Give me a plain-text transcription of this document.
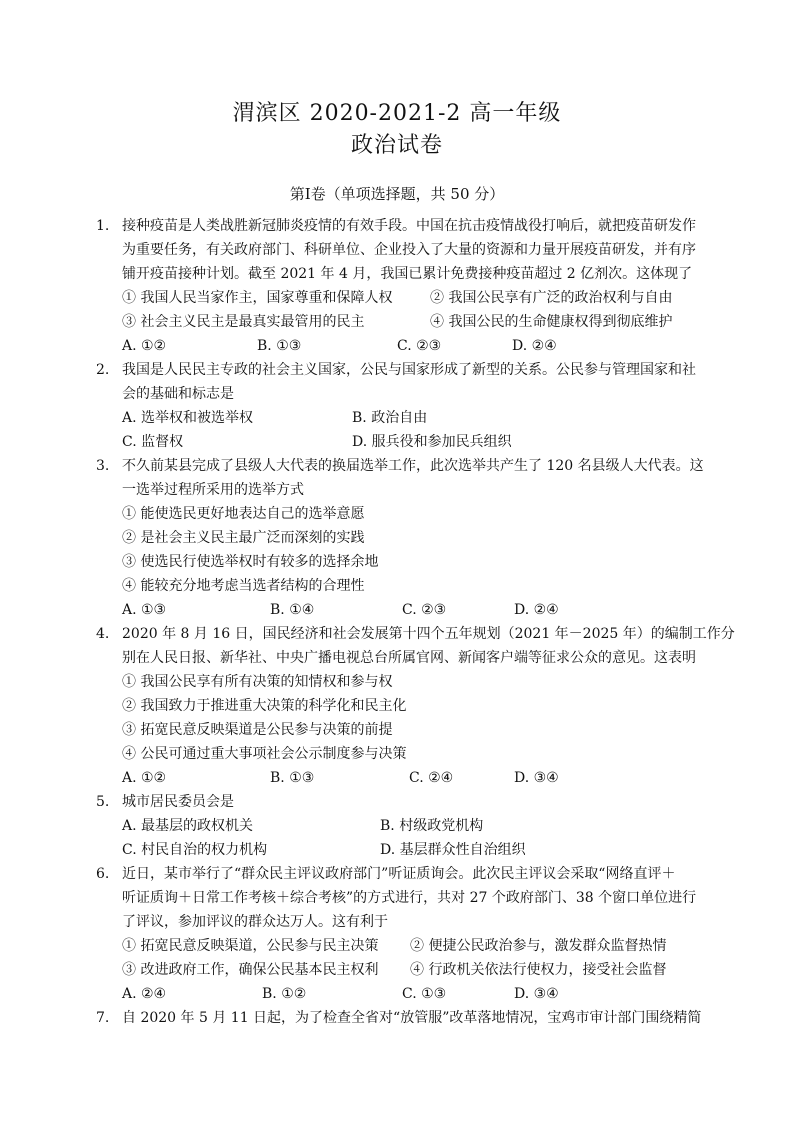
渭滨区 2020-2021-2 高一年级
政治试卷
第Ⅰ卷（单项选择题，共 50 分）
1. 接种疫苗是人类战胜新冠肺炎疫情的有效手段。中国在抗击疫情战役打响后，就把疫苗研发作
为重要任务，有关政府部门、科研单位、企业投入了大量的资源和力量开展疫苗研发，并有序
铺开疫苗接种计划。截至 2021 年 4 月，我国已累计免费接种疫苗超过 2 亿剂次。这体现了
① 我国人民当家作主，国家尊重和保障人权	② 我国公民享有广泛的政治权利与自由
③ 社会主义民主是最真实最管用的民主	④ 我国公民的生命健康权得到彻底维护
A. ①②	B. ①③	C. ②③	D. ②④
2. 我国是人民民主专政的社会主义国家，公民与国家形成了新型的关系。公民参与管理国家和社
会的基础和标志是
A. 选举权和被选举权	B. 政治自由
C. 监督权	D. 服兵役和参加民兵组织
3. 不久前某县完成了县级人大代表的换届选举工作，此次选举共产生了 120 名县级人大代表。这
一选举过程所采用的选举方式
① 能使选民更好地表达自己的选举意愿
② 是社会主义民主最广泛而深刻的实践
③ 使选民行使选举权时有较多的选择余地
④ 能较充分地考虑当选者结构的合理性
A. ①③	B. ①④	C. ②③	D. ②④
4. 2020 年 8 月 16 日，国民经济和社会发展第十四个五年规划（2021 年－2025 年）的编制工作分
别在人民日报、新华社、中央广播电视总台所属官网、新闻客户端等征求公众的意见。这表明
① 我国公民享有所有决策的知情权和参与权
② 我国致力于推进重大决策的科学化和民主化
③ 拓宽民意反映渠道是公民参与决策的前提
④ 公民可通过重大事项社会公示制度参与决策
A. ①②	B. ①③	C. ②④	D. ③④
5. 城市居民委员会是
A. 最基层的政权机关	B. 村级政党机构
C. 村民自治的权力机构	D. 基层群众性自治组织
6. 近日，某市举行了“群众民主评议政府部门”听证质询会。此次民主评议会采取“网络直评＋
听证质询＋日常工作考核＋综合考核”的方式进行，共对 27 个政府部门、38 个窗口单位进行
了评议，参加评议的群众达万人。这有利于
① 拓宽民意反映渠道，公民参与民主决策 ② 便捷公民政治参与，激发群众监督热情
③ 改进政府工作，确保公民基本民主权利 ④ 行政机关依法行使权力，接受社会监督
A. ②④	B. ①②	C. ①③	D. ③④
7. 自 2020 年 5 月 11 日起，为了检查全省对“放管服”改革落地情况，宝鸡市审计部门围绕精简
